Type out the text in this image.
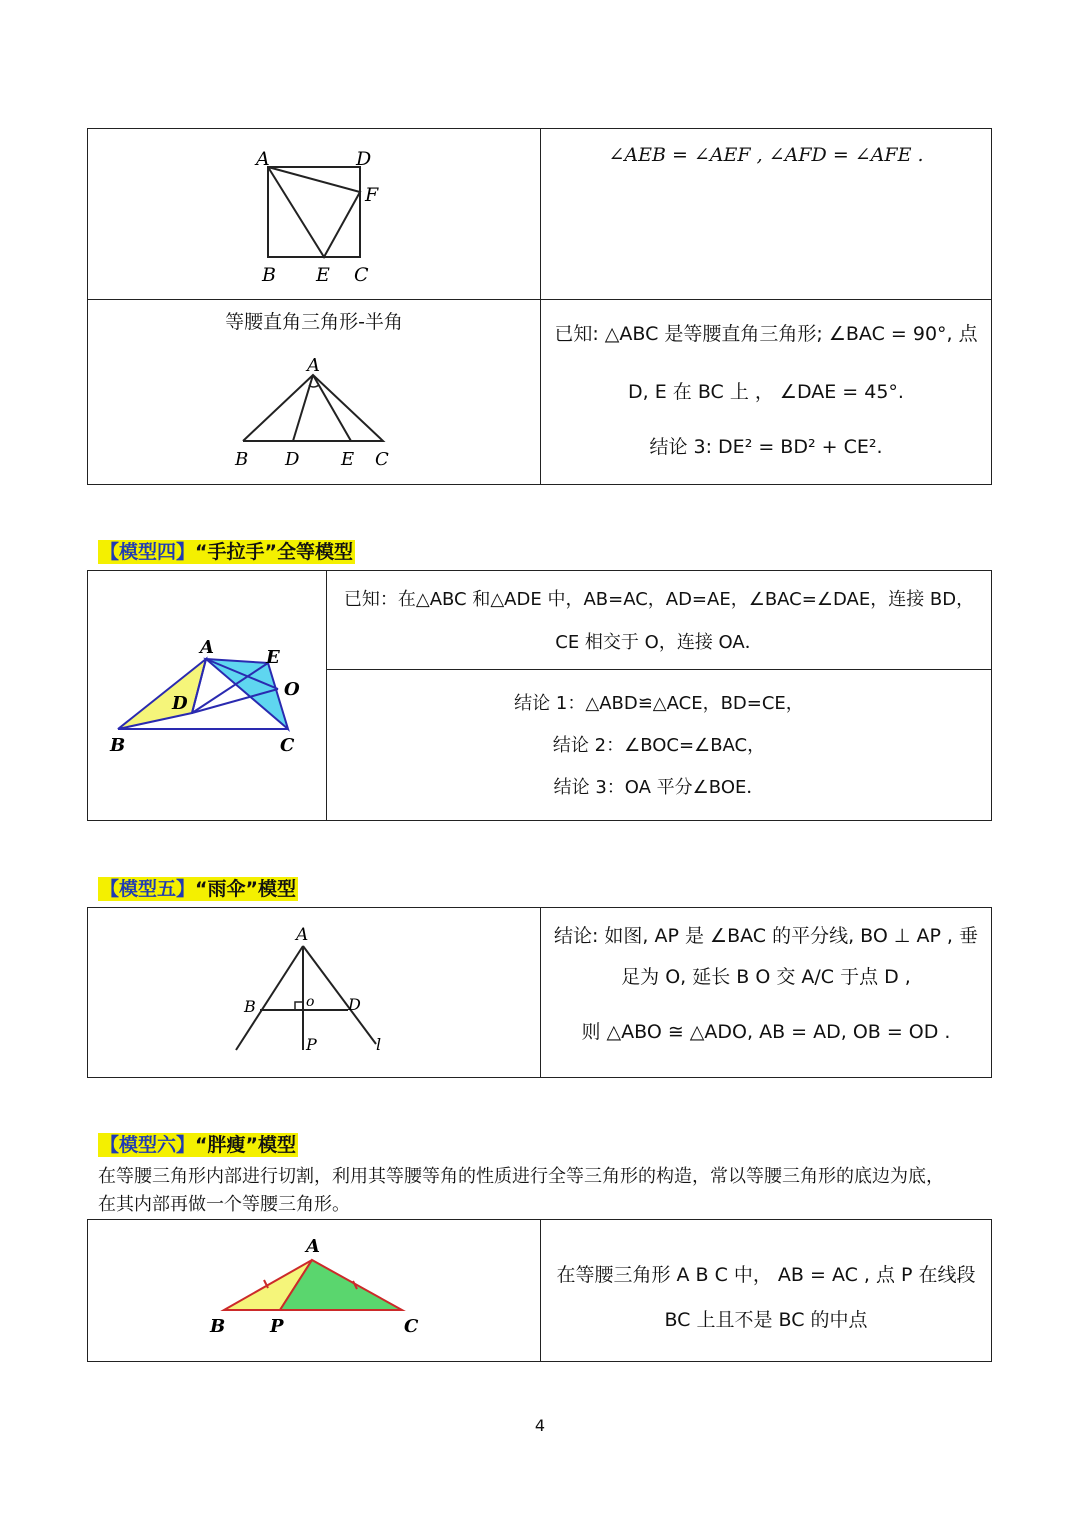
A	D
F
B E C
∠AEB = ∠AEF , ∠AFD = ∠AFE .
等腰直角三角形-半角
A
B D E C
已知: △ABC 是等腰直角三角形; ∠BAC = 90°, 点
D, E 在 BC 上 ， ∠DAE = 45°.
结论 3: DE² = BD² + CE².
【模型四】“手拉手”全等模型
A	E
O
D
B	C
已知：在△ABC 和△ADE 中，AB=AC，AD=AE，∠BAC=∠DAE，连接 BD，
CE 相交于 O，连接 OA．
结论 1：△ABD≌△ACE，BD=CE，
结论 2：∠BOC=∠BAC，
结论 3：OA 平分∠BOE．
【模型五】“雨伞”模型
A
B	o D
P	l
结论: 如图, AP 是 ∠BAC 的平分线, BO ⊥ AP , 垂
足为 O, 延长 B O 交 A/C 于点 D ,
则 △ABO ≅ △ADO, AB = AD, OB = OD .
【模型六】“胖瘦”模型
在等腰三角形内部进行切割，利用其等腰等角的性质进行全等三角形的构造，常以等腰三角形的底边为底，
在其内部再做一个等腰三角形。
A
B P	C
在等腰三角形 A B C 中， AB = AC , 点 P 在线段
BC 上且不是 BC 的中点
4
